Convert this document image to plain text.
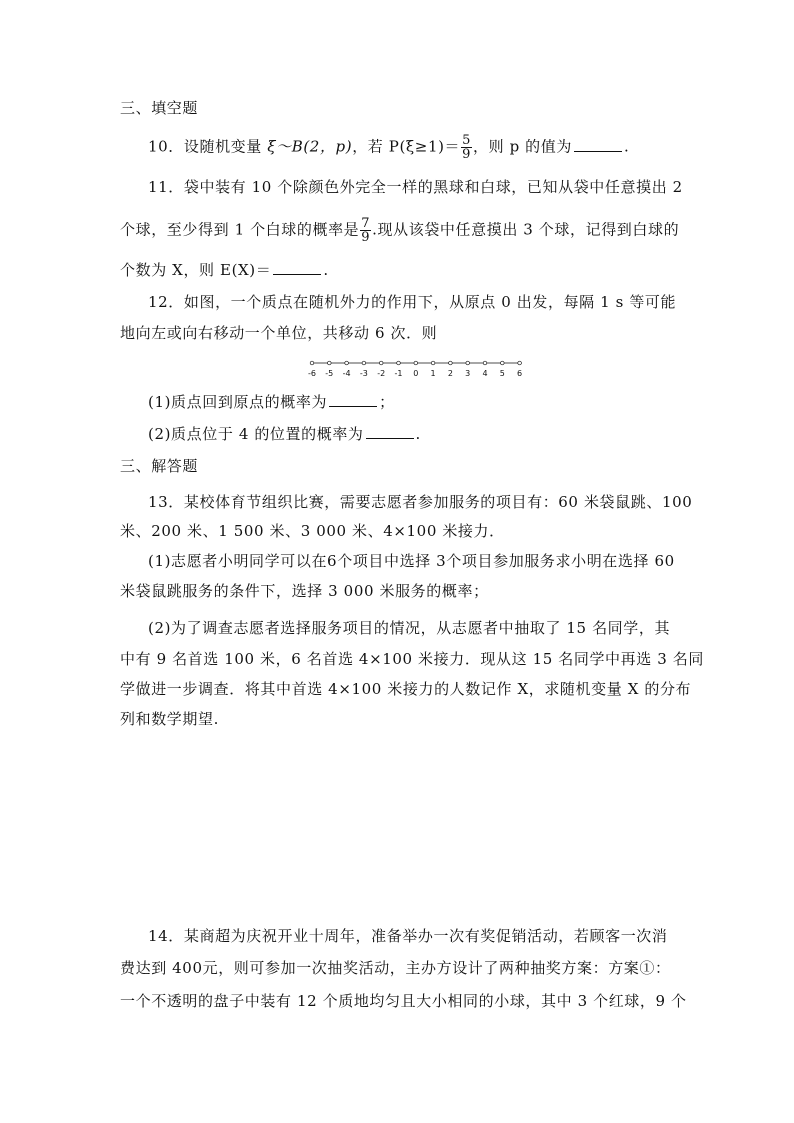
三、填空题
10．设随机变量 ξ～B(2，p)，若 $P(\xi\ge 1)= \frac{5}{9}$ ，则 p 的值为	.
11．袋中装有 10 个除颜色外完全一样的黑球和白球，已知从袋中任意摸出 2
个球，至少得到 1 个白球的概率是 $\frac{7}{9}$ .现从该袋中任意摸出 3 个球，记得到白球的
个数为 X，则 E(X)＝	.
12．如图，一个质点在随机外力的作用下，从原点 0 出发，每隔 1 s 等可能
地向左或向右移动一个单位，共移动 6 次．则
-6 -5 -4 -3 -2 -1 0 1 2 3 4 5 6
(1)质点回到原点的概率为	；
(2)质点位于 4 的位置的概率为	.
三、解答题
13．某校体育节组织比赛，需要志愿者参加服务的项目有：60 米袋鼠跳、100
米、200 米、1 500 米、3 000 米、4×100 米接力．
(1)志愿者小明同学可以在6个项目中选择 3个项目参加服务求小明在选择 60
米袋鼠跳服务的条件下，选择 3 000 米服务的概率；
(2)为了调查志愿者选择服务项目的情况，从志愿者中抽取了 15 名同学，其
中有 9 名首选 100 米，6 名首选 4×100 米接力．现从这 15 名同学中再选 3 名同
学做进一步调查．将其中首选 4×100 米接力的人数记作 X，求随机变量 X 的分布
列和数学期望.
14．某商超为庆祝开业十周年，准备举办一次有奖促销活动，若顾客一次消
费达到 400元，则可参加一次抽奖活动，主办方设计了两种抽奖方案：方案①：
一个不透明的盘子中装有 12 个质地均匀且大小相同的小球，其中 3 个红球，9 个
